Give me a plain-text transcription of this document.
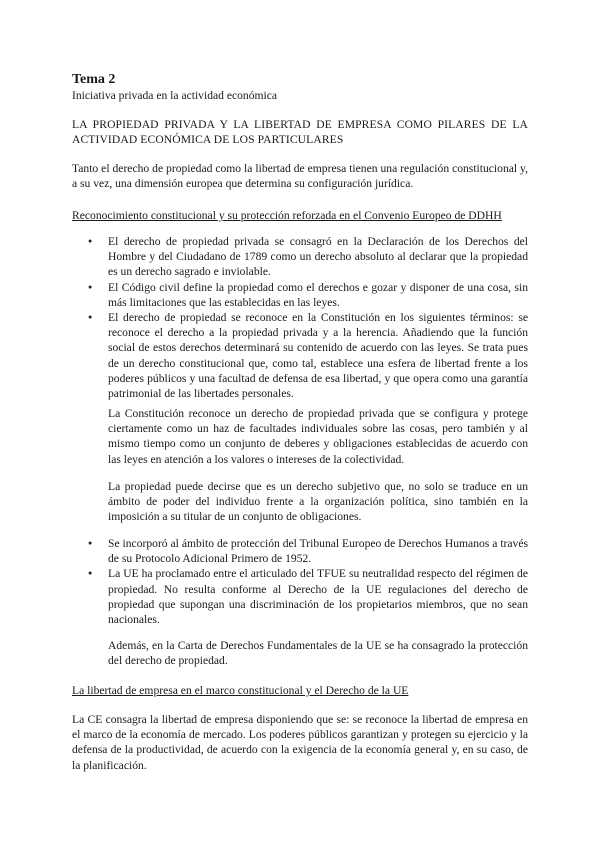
Tema 2
Iniciativa privada en la actividad económica

LA PROPIEDAD PRIVADA Y LA LIBERTAD DE EMPRESA COMO PILARES DE LA ACTIVIDAD ECONÓMICA DE LOS PARTICULARES

Tanto el derecho de propiedad como la libertad de empresa tienen una regulación constitucional y, a su vez, una dimensión europea que determina su configuración jurídica.

Reconocimiento constitucional y su protección reforzada en el Convenio Europeo de DDHH

● El derecho de propiedad privada se consagró en la Declaración de los Derechos del Hombre y del Ciudadano de 1789 como un derecho absoluto al declarar que la propiedad es un derecho sagrado e inviolable.
● El Código civil define la propiedad como el derechos e gozar y disponer de una cosa, sin más limitaciones que las establecidas en las leyes.
● El derecho de propiedad se reconoce en la Constitución en los siguientes términos: se reconoce el derecho a la propiedad privada y a la herencia. Añadiendo que la función social de estos derechos determinará su contenido de acuerdo con las leyes. Se trata pues de un derecho constitucional que, como tal, establece una esfera de libertad frente a los poderes públicos y una facultad de defensa de esa libertad, y que opera como una garantía patrimonial de las libertades personales.

La Constitución reconoce un derecho de propiedad privada que se configura y protege ciertamente como un haz de facultades individuales sobre las cosas, pero también y al mismo tiempo como un conjunto de deberes y obligaciones establecidas de acuerdo con las leyes en atención a los valores o intereses de la colectividad.

La propiedad puede decirse que es un derecho subjetivo que, no solo se traduce en un ámbito de poder del individuo frente a la organización política, sino también en la imposición a su titular de un conjunto de obligaciones.

● Se incorporó al ámbito de protección del Tribunal Europeo de Derechos Humanos a través de su Protocolo Adicional Primero de 1952.
● La UE ha proclamado entre el articulado del TFUE su neutralidad respecto del régimen de propiedad. No resulta conforme al Derecho de la UE regulaciones del derecho de propiedad que supongan una discriminación de los propietarios miembros, que no sean nacionales.

Además, en la Carta de Derechos Fundamentales de la UE se ha consagrado la protección del derecho de propiedad.

La libertad de empresa en el marco constitucional y el Derecho de la UE

La CE consagra la libertad de empresa disponiendo que se: se reconoce la libertad de empresa en el marco de la economía de mercado. Los poderes públicos garantizan y protegen su ejercicio y la defensa de la productividad, de acuerdo con la exigencia de la economía general y, en su caso, de la planificación.
